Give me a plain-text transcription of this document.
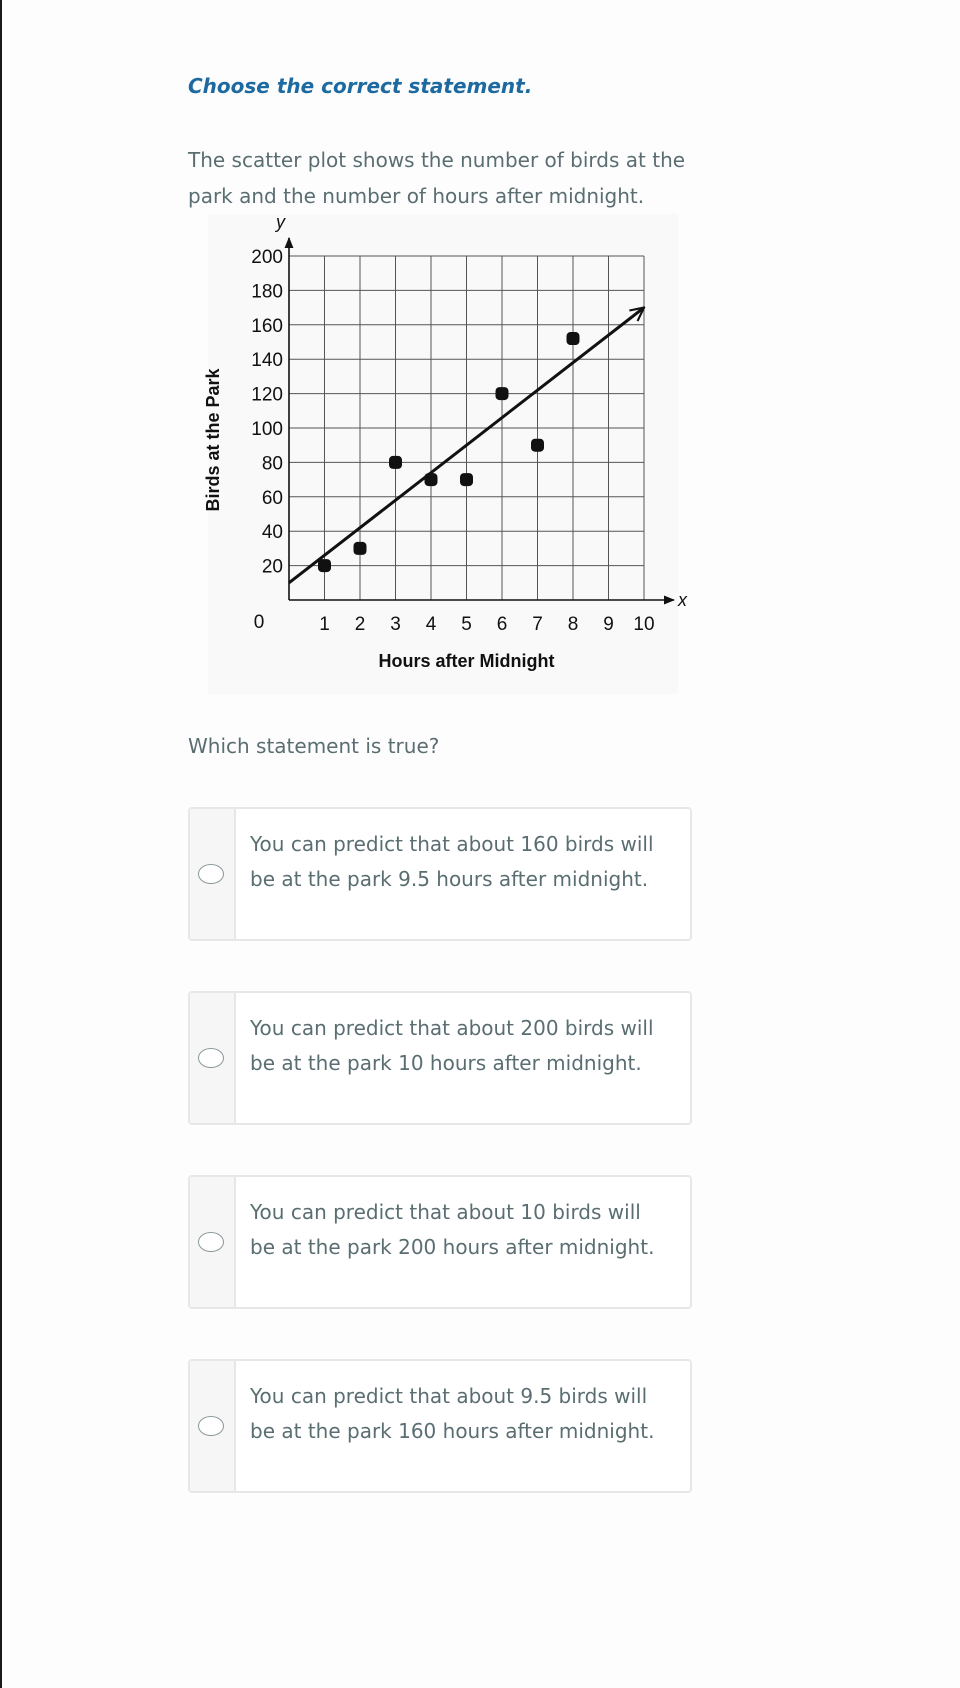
Choose the correct statement.
The scatter plot shows the number of birds at the park and the number of hours after midnight.
x
y
1 2 3 4 5 6 7 8 9 10
20
40
60
80
100
120
140
160
180
200
0
Hours after Midnight
Birds at the Park
Which statement is true?
You can predict that about 160 birds will be at the park 9.5 hours after midnight.
You can predict that about 200 birds will be at the park 10 hours after midnight.
You can predict that about 10 birds will be at the park 200 hours after midnight.
You can predict that about 9.5 birds will be at the park 160 hours after midnight.
